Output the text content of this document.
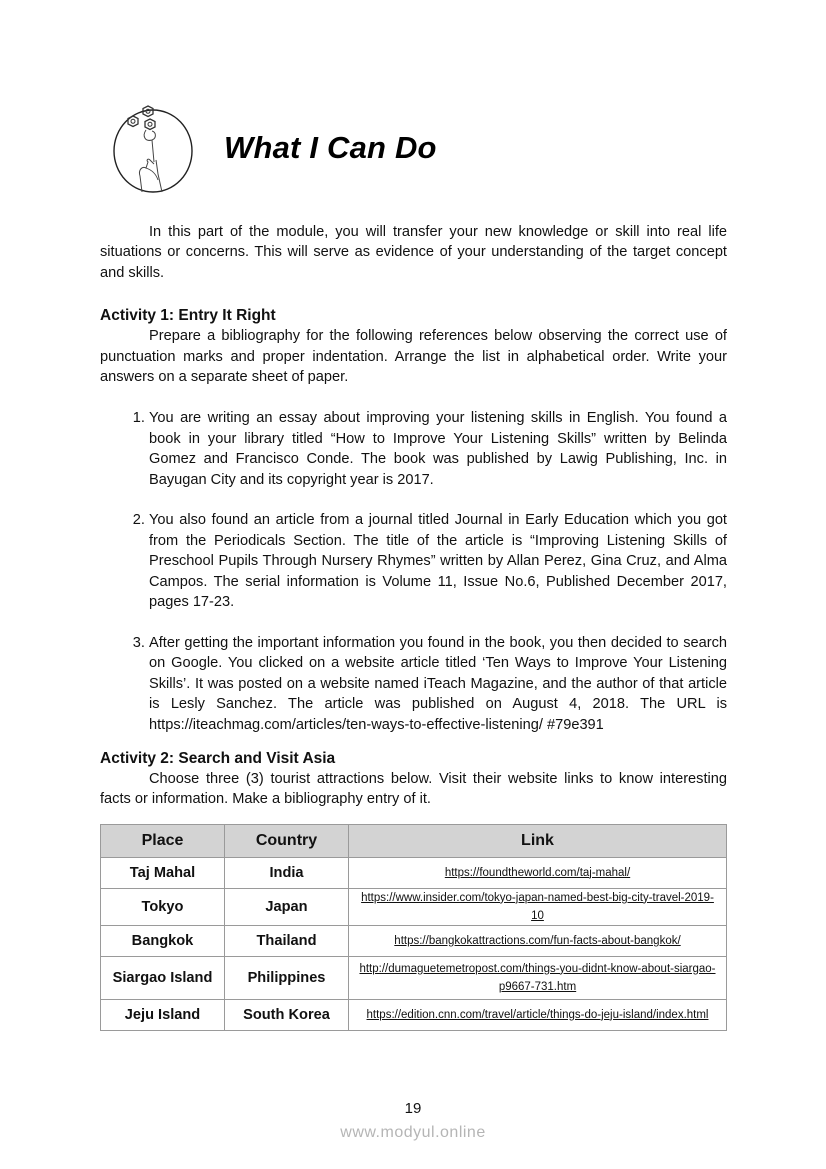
What I Can Do

In this part of the module, you will transfer your new knowledge or skill into real life situations or concerns. This will serve as evidence of your understanding of the target concept and skills.

Activity 1: Entry It Right

Prepare a bibliography for the following references below observing the correct use of punctuation marks and proper indentation. Arrange the list in alphabetical order. Write your answers on a separate sheet of paper.

1. You are writing an essay about improving your listening skills in English. You found a book in your library titled “How to Improve Your Listening Skills” written by Belinda Gomez and Francisco Conde. The book was published by Lawig Publishing, Inc. in Bayugan City and its copyright year is 2017.
2. You also found an article from a journal titled Journal in Early Education which you got from the Periodicals Section. The title of the article is “Improving Listening Skills of Preschool Pupils Through Nursery Rhymes” written by Allan Perez, Gina Cruz, and Alma Campos. The serial information is Volume 11, Issue No.6, Published December 2017, pages 17-23.
3. After getting the important information you found in the book, you then decided to search on Google. You clicked on a website article titled ‘Ten Ways to Improve Your Listening Skills’. It was posted on a website named iTeach Magazine, and the author of that article is Lesly Sanchez. The article was published on August 4, 2018. The URL is https://iteachmag.com/articles/ten-ways-to-effective-listening/ #79e391
Activity 2: Search and Visit Asia

Choose three (3) tourist attractions below. Visit their website links to know interesting facts or information. Make a bibliography entry of it.

Place	Country	Link
Taj Mahal	India	https://foundtheworld.com/taj-mahal/
Tokyo	Japan	https://www.insider.com/tokyo-japan-named-best-big-city-travel-2019-10
Bangkok	Thailand	https://bangkokattractions.com/fun-facts-about-bangkok/
Siargao Island	Philippines	http://dumaguetemetropost.com/things-you-didnt-know-about-siargao-p9667-731.htm
Jeju Island	South Korea	https://edition.cnn.com/travel/article/things-do-jeju-island/index.html
19
www.modyul.online
